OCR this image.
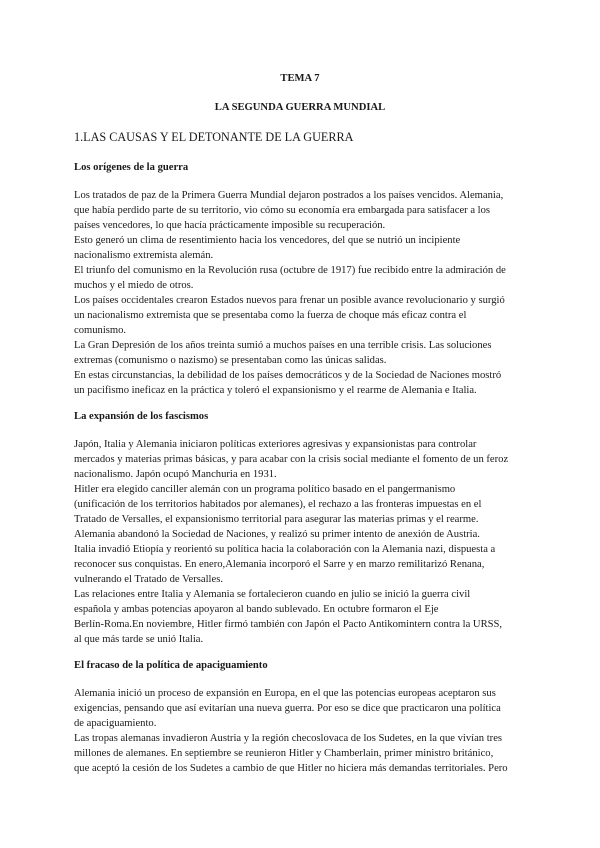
TEMA 7
LA SEGUNDA GUERRA MUNDIAL
1.LAS CAUSAS Y EL DETONANTE DE LA GUERRA
Los orígenes de la guerra
Los tratados de paz de la Primera Guerra Mundial dejaron postrados a los países vencidos. Alemania,
que había perdido parte de su territorio, vio cómo su economía era embargada para satisfacer a los
países vencedores, lo que hacía prácticamente imposible su recuperación.
Esto generó un clima de resentimiento hacia los vencedores, del que se nutrió un incipiente
nacionalismo extremista alemán.
El triunfo del comunismo en la Revolución rusa (octubre de 1917) fue recibido entre la admiración de
muchos y el miedo de otros.
Los países occidentales crearon Estados nuevos para frenar un posible avance revolucionario y surgió
un nacionalismo extremista que se presentaba como la fuerza de choque más eficaz contra el
comunismo.
La Gran Depresión de los años treinta sumió a muchos países en una terrible crisis. Las soluciones
extremas (comunismo o nazismo) se presentaban como las únicas salidas.
En estas circunstancias, la debilidad de los países democráticos y de la Sociedad de Naciones mostró
un pacifismo ineficaz en la práctica y toleró el expansionismo y el rearme de Alemania e Italia.
La expansión de los fascismos
Japón, Italia y Alemania iniciaron políticas exteriores agresivas y expansionistas para controlar
mercados y materias primas básicas, y para acabar con la crisis social mediante el fomento de un feroz
nacionalismo. Japón ocupó Manchuria en 1931.
Hitler era elegido canciller alemán con un programa político basado en el pangermanismo
(unificación de los territorios habitados por alemanes), el rechazo a las fronteras impuestas en el
Tratado de Versalles, el expansionismo territorial para asegurar las materias primas y el rearme.
Alemania abandonó la Sociedad de Naciones, y realizó su primer intento de anexión de Austria.
Italia invadió Etiopía y reorientó su política hacia la colaboración con la Alemania nazi, dispuesta a
reconocer sus conquistas. En enero,Alemania incorporó el Sarre y en marzo remilitarizó Renana,
vulnerando el Tratado de Versalles.
Las relaciones entre Italia y Alemania se fortalecieron cuando en julio se inició la guerra civil
española y ambas potencias apoyaron al bando sublevado. En octubre formaron el Eje
Berlín-Roma.En noviembre, Hitler firmó también con Japón el Pacto Antikomintern contra la URSS,
al que más tarde se unió Italia.
El fracaso de la política de apaciguamiento
Alemania inició un proceso de expansión en Europa, en el que las potencias europeas aceptaron sus
exigencias, pensando que así evitarían una nueva guerra. Por eso se dice que practicaron una política
de apaciguamiento.
Las tropas alemanas invadieron Austria y la región checoslovaca de los Sudetes, en la que vivían tres
millones de alemanes. En septiembre se reunieron Hitler y Chamberlain, primer ministro británico,
que aceptó la cesión de los Sudetes a cambio de que Hitler no hiciera más demandas territoriales. Pero
